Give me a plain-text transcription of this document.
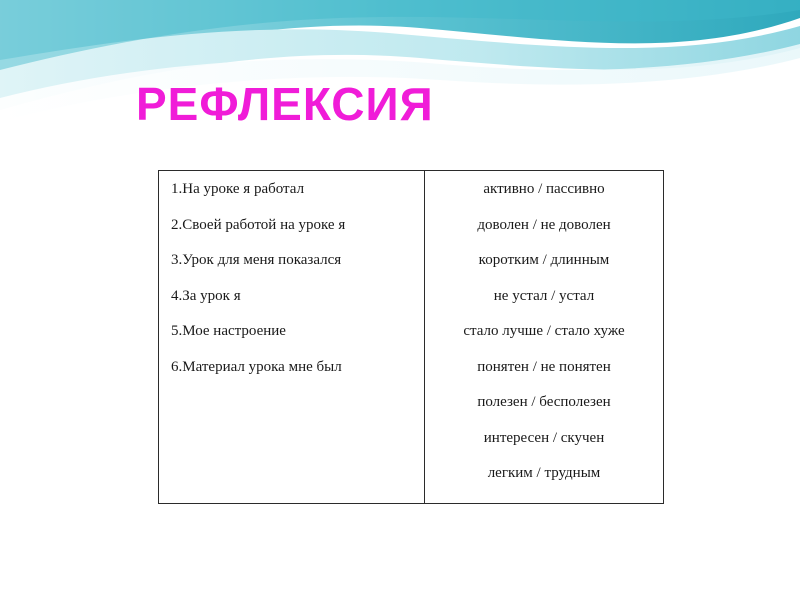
РЕФЛЕКСИЯ
1.На уроке я работал
2.Своей работой на уроке я
3.Урок для меня показался
4.За урок я
5.Мое настроение
6.Материал урока мне был
активно / пассивно
доволен / не доволен
коротким / длинным
не устал / устал
стало лучше / стало хуже
понятен / не понятен
полезен / бесполезен
интересен / скучен
легким / трудным
